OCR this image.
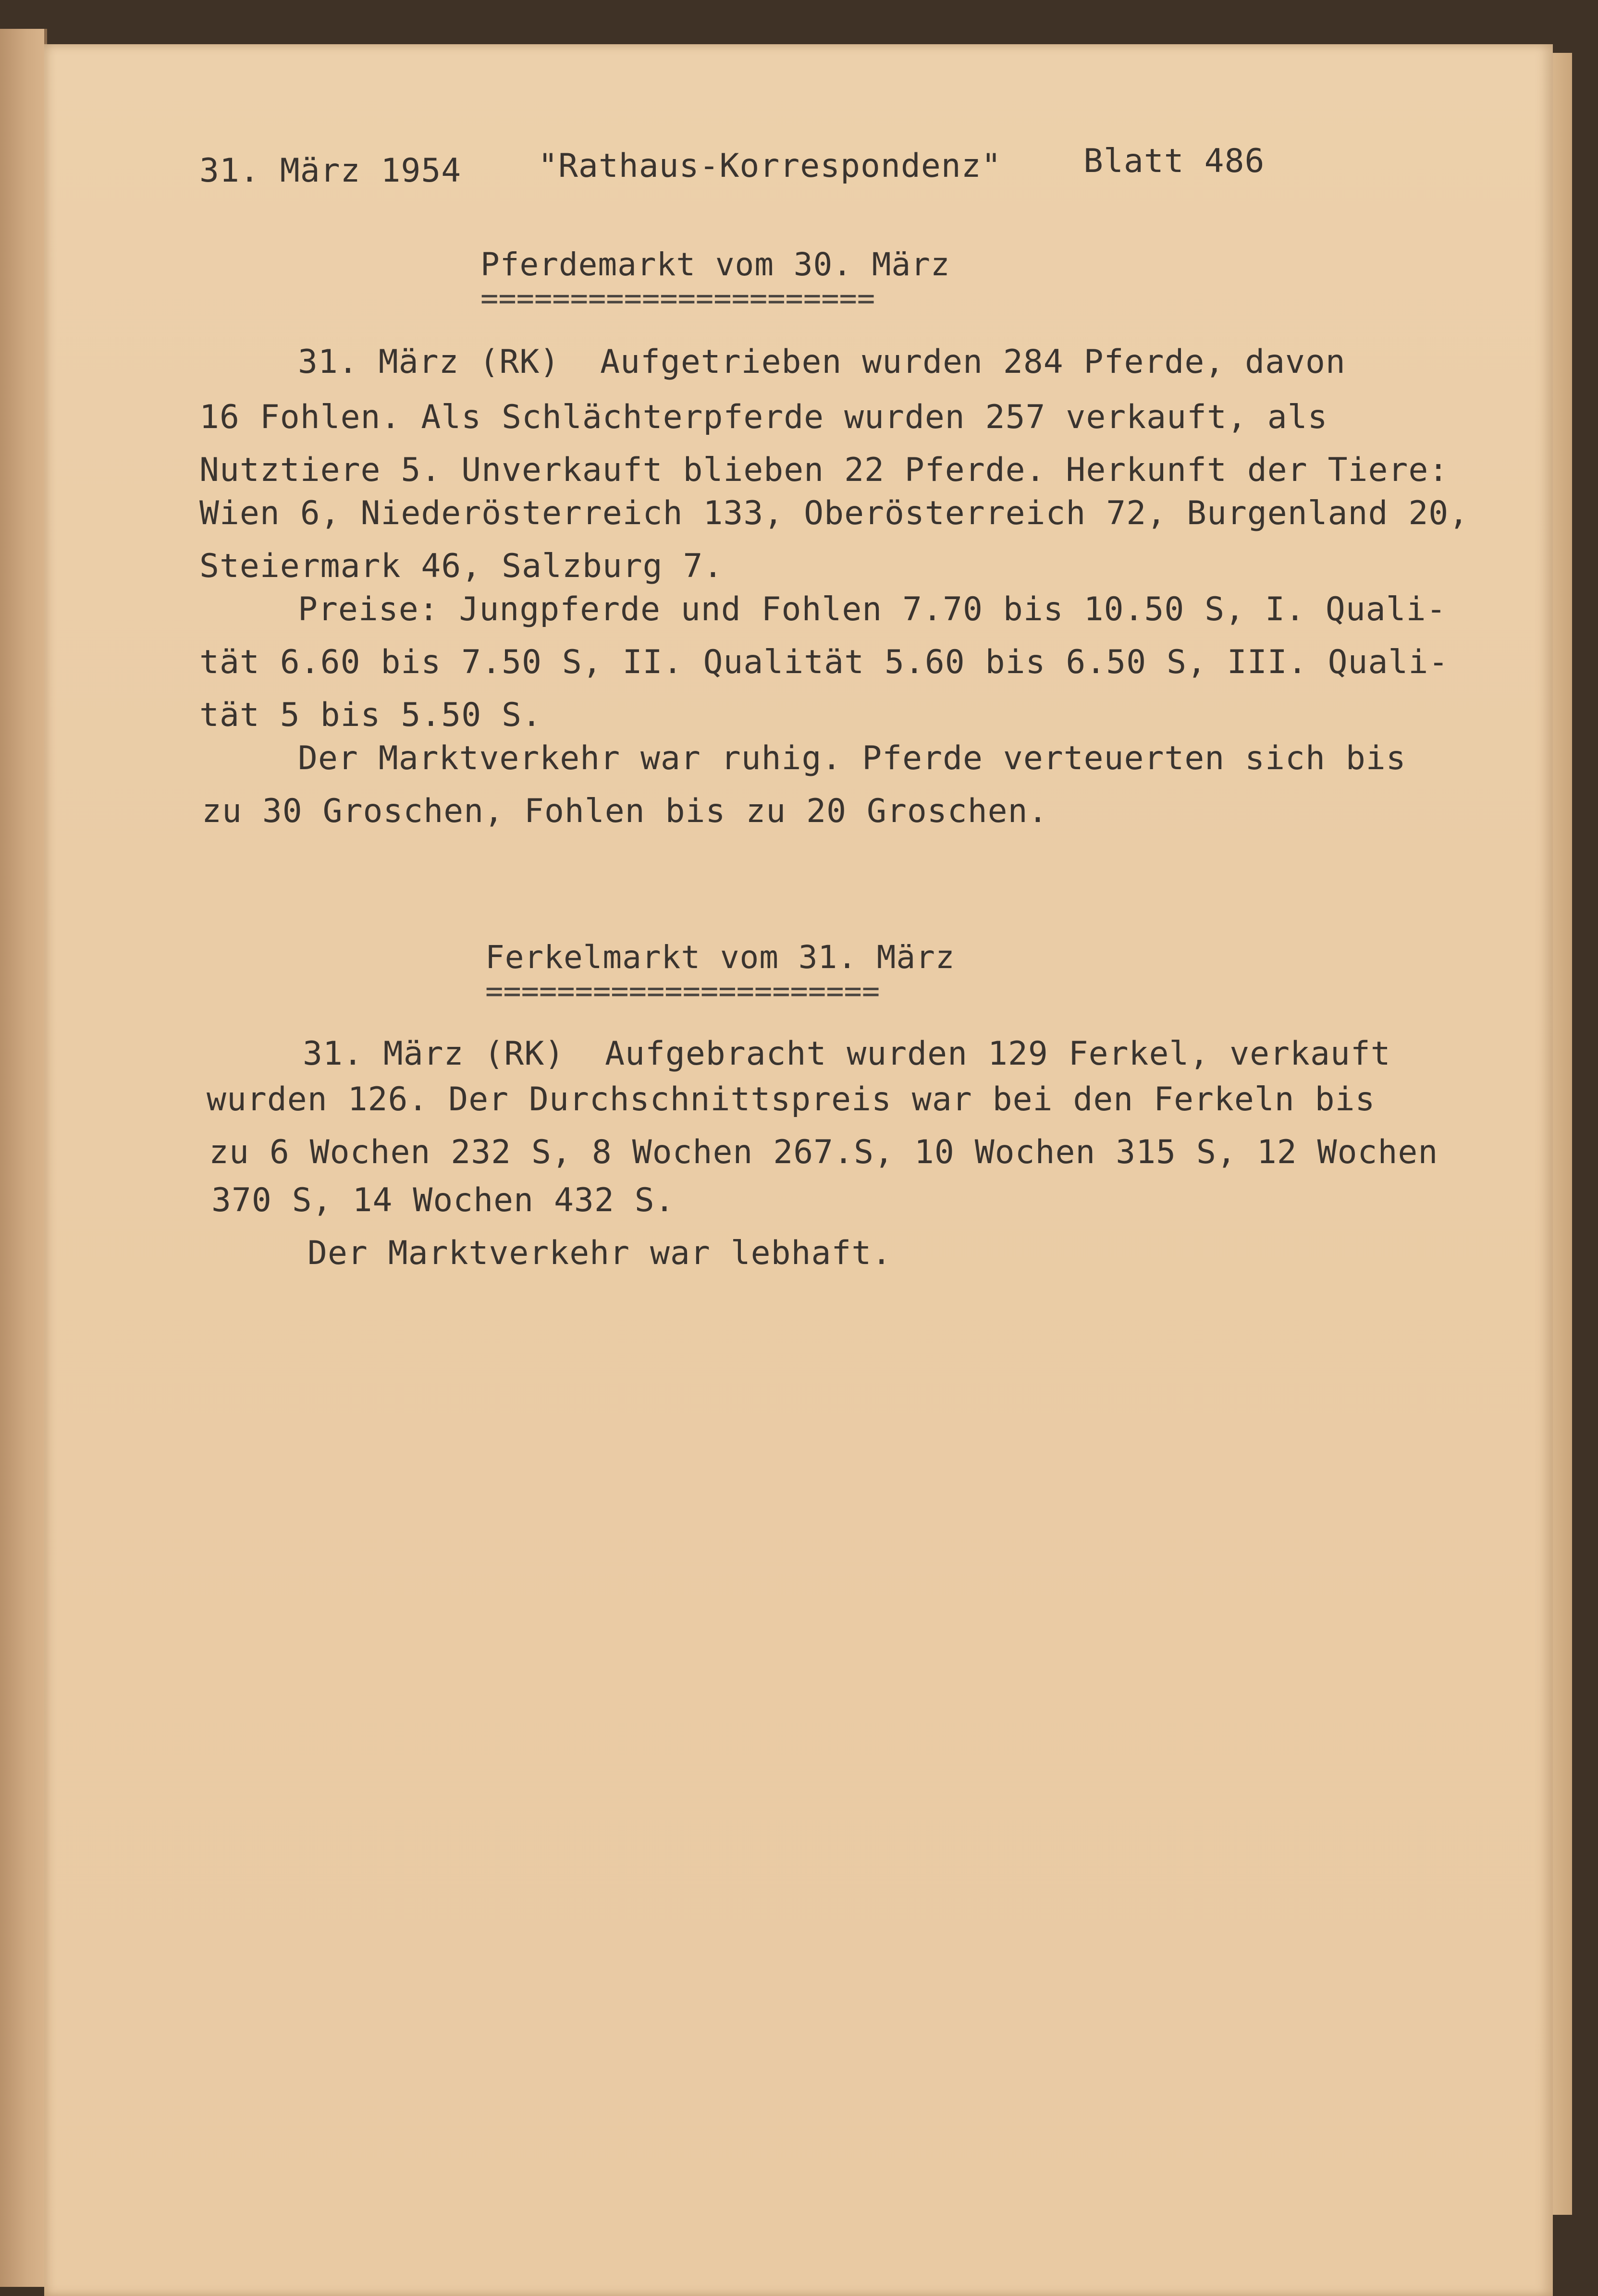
31. März 1954 "Rathaus-Korrespondenz"	Blatt 486
Pferdemarkt vom 30. März
======================
31. März (RK)  Aufgetrieben wurden 284 Pferde, davon
16 Fohlen. Als Schlächterpferde wurden 257 verkauft, als
Nutztiere 5. Unverkauft blieben 22 Pferde. Herkunft der Tiere:
Wien 6, Niederösterreich 133, Oberösterreich 72, Burgenland 20,
Steiermark 46, Salzburg 7.
Preise: Jungpferde und Fohlen 7.70 bis 10.50 S, I. Quali-
tät 6.60 bis 7.50 S, II. Qualität 5.60 bis 6.50 S, III. Quali-
tät 5 bis 5.50 S.
Der Marktverkehr war ruhig. Pferde verteuerten sich bis
zu 30 Groschen, Fohlen bis zu 20 Groschen.
Ferkelmarkt vom 31. März
======================
31. März (RK)  Aufgebracht wurden 129 Ferkel, verkauft
wurden 126. Der Durchschnittspreis war bei den Ferkeln bis
zu 6 Wochen 232 S, 8 Wochen 267.S, 10 Wochen 315 S, 12 Wochen
370 S, 14 Wochen 432 S.
Der Marktverkehr war lebhaft.
